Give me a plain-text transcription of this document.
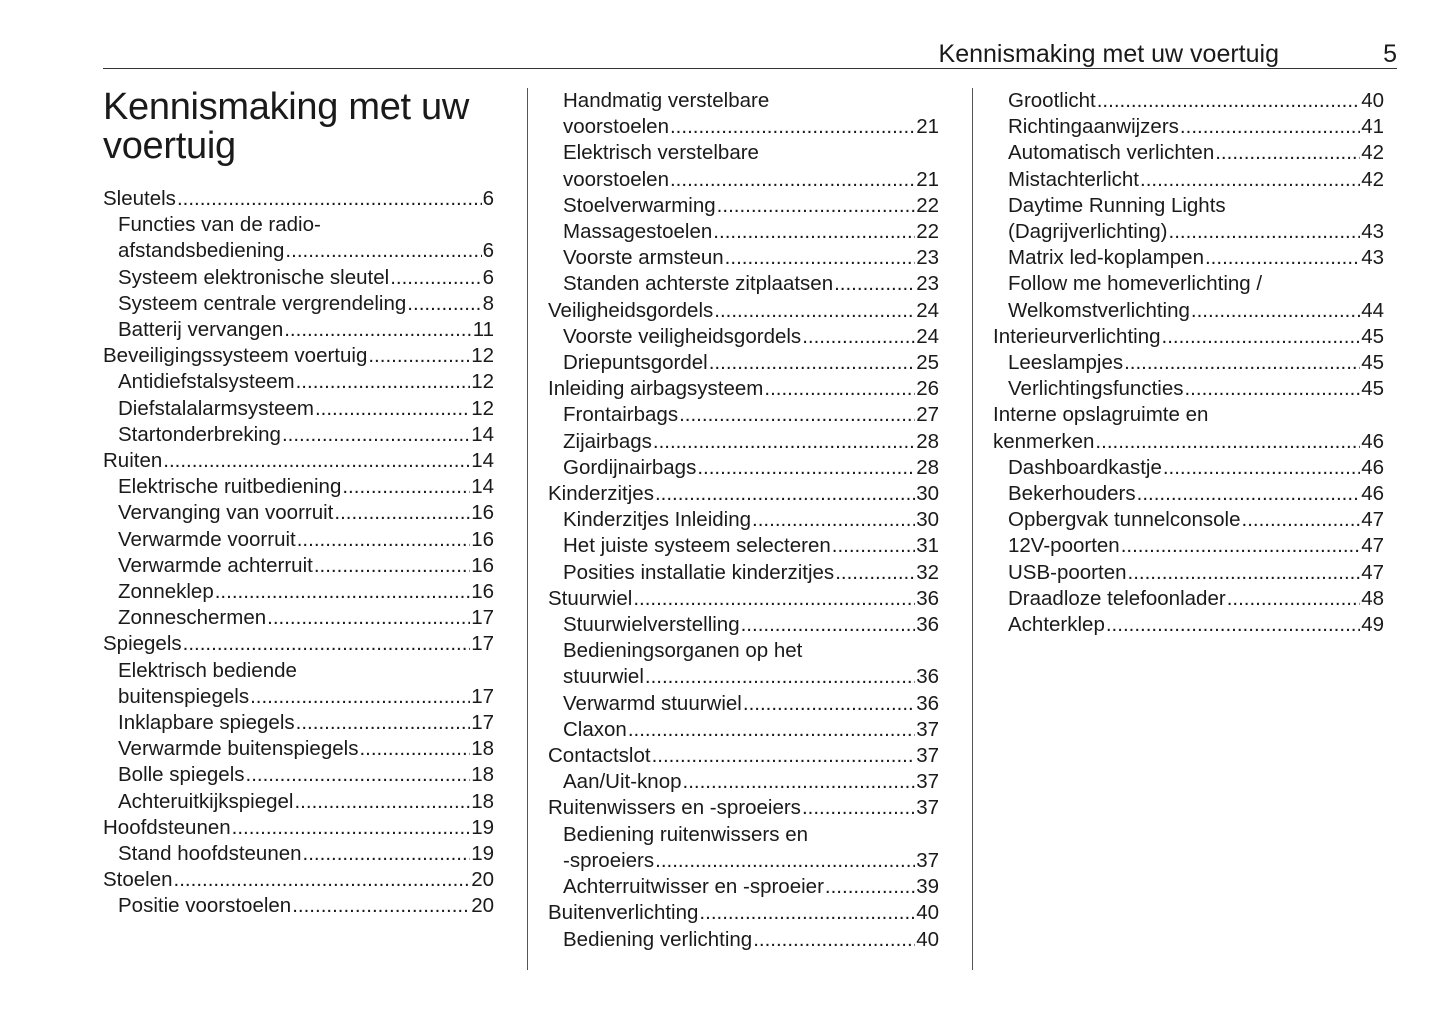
Kennismaking met uw voertuig	5
Kennismaking met uw
voertuig
Sleutels .....	6
Functies van de radio-
afstandsbediening .....	6
Systeem elektronische sleutel .....	6
Systeem centrale vergrendeling .....	8
Batterij vervangen .....	11
Beveiligingssysteem voertuig .....	12
Antidiefstalsysteem .....	12
Diefstalalarmsysteem .....	12
Startonderbreking .....	14
Ruiten .....	14
Elektrische ruitbediening .....	14
Vervanging van voorruit .....	16
Verwarmde voorruit .....	16
Verwarmde achterruit .....	16
Zonneklep .....	16
Zonneschermen .....	17
Spiegels .....	17
Elektrisch bediende
buitenspiegels .....	17
Inklapbare spiegels .....	17
Verwarmde buitenspiegels .....	18
Bolle spiegels .....	18
Achteruitkijkspiegel .....	18
Hoofdsteunen .....	19
Stand hoofdsteunen .....	19
Stoelen .....	20
Positie voorstoelen .....	20
Handmatig verstelbare
voorstoelen .....	21
Elektrisch verstelbare
voorstoelen .....	21
Stoelverwarming .....	22
Massagestoelen .....	22
Voorste armsteun .....	23
Standen achterste zitplaatsen .....	23
Veiligheidsgordels .....	24
Voorste veiligheidsgordels .....	24
Driepuntsgordel .....	25
Inleiding airbagsysteem .....	26
Frontairbags .....	27
Zijairbags .....	28
Gordijnairbags .....	28
Kinderzitjes .....	30
Kinderzitjes Inleiding .....	30
Het juiste systeem selecteren .....	31
Posities installatie kinderzitjes .....	32
Stuurwiel .....	36
Stuurwielverstelling .....	36
Bedieningsorganen op het
stuurwiel .....	36
Verwarmd stuurwiel .....	36
Claxon .....	37
Contactslot .....	37
Aan/Uit-knop .....	37
Ruitenwissers en -sproeiers .....	37
Bediening ruitenwissers en
-sproeiers .....	37
Achterruitwisser en -sproeier .....	39
Buitenverlichting .....	40
Bediening verlichting .....	40
Grootlicht .....	40
Richtingaanwijzers .....	41
Automatisch verlichten .....	42
Mistachterlicht .....	42
Daytime Running Lights
(Dagrijverlichting) .....	43
Matrix led-koplampen .....	43
Follow me homeverlichting /
Welkomstverlichting .....	44
Interieurverlichting .....	45
Leeslampjes .....	45
Verlichtingsfuncties .....	45
Interne opslagruimte en
kenmerken .....	46
Dashboardkastje .....	46
Bekerhouders .....	46
Opbergvak tunnelconsole .....	47
12V-poorten .....	47
USB-poorten .....	47
Draadloze telefoonlader .....	48
Achterklep .....	49
